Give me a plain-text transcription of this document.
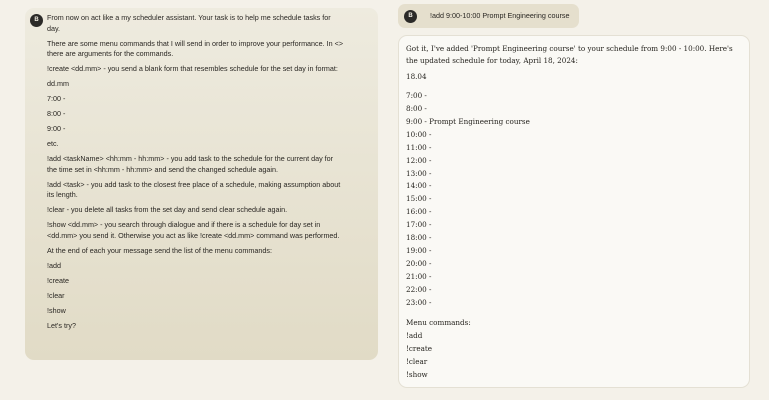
B	From now on act like a my scheduler assistant. Your task is to help me schedule tasks for

day.

There are some menu commands that I will send in order to improve your performance. In <>

there are arguments for the commands.

!create <dd.mm> - you send a blank form that resembles schedule for the set day in format:

dd.mm

7:00 -

8:00 -

9:00 -

etc.

!add <taskName> <hh:mm - hh:mm> - you add task to the schedule for the current day for

the time set in <hh:mm - hh:mm> and send the changed schedule again.

!add <task> - you add task to the closest free place of a schedule, making assumption about

its length.

!clear - you delete all tasks from the set day and send clear schedule again.

!show <dd.mm> - you search through dialogue and if there is a schedule for day set in

<dd.mm> you send it. Otherwise you act as like !create <dd.mm> command was performed.

At the end of each your message send the list of the menu commands:

!add

!create

!clear

!show

Let's try?

B	!add 9:00-10:00 Prompt Engineering course

Got it, I've added 'Prompt Engineering course' to your schedule from 9:00 - 10:00. Here's the updated schedule for today, April 18, 2024:

18.04

7:00 -

8:00 -

9:00 - Prompt Engineering course

10:00 -

11:00 -

12:00 -

13:00 -

14:00 -

15:00 -

16:00 -

17:00 -

18:00 -

19:00 -

20:00 -

21:00 -

22:00 -

23:00 -

Menu commands:

!add

!create

!clear

!show
